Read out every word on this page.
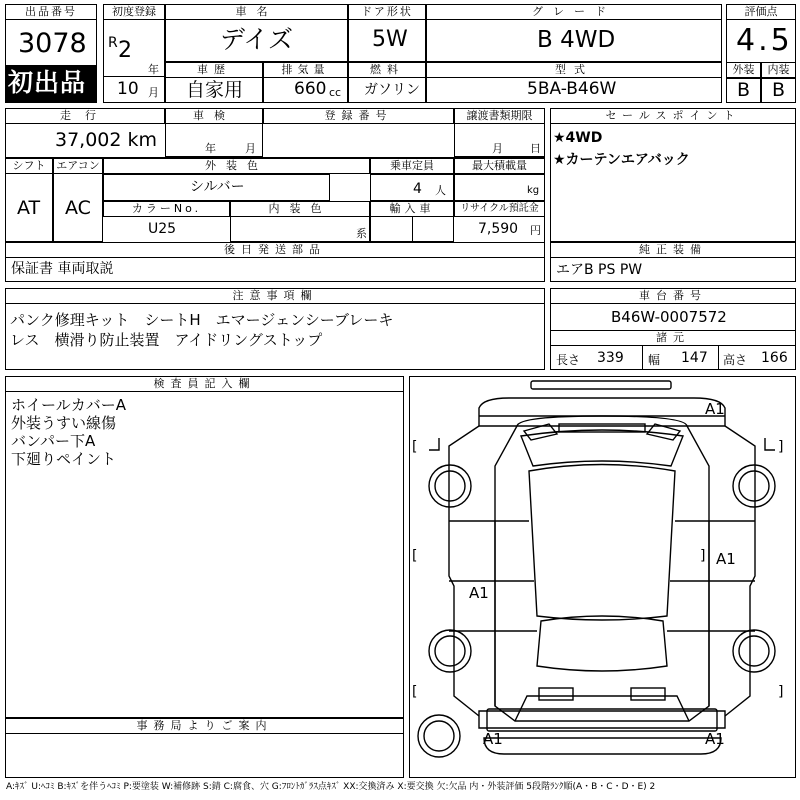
出品番号
3078
初出品
初度登録
R 2
年
10 月
車名
デイズ
ドア形状
5W
グレード
B 4WD
車歴
自家用
排気量
660 cc
燃料
ガソリン
型式
5BA-B46W
評価点
4.5
外装	内装
B B
走行
37,002 km
車検
年	月
登録番号	譲渡書類期限
月 日
シフト エアコン
AT AC
外装色
シルバー
乗車定員
4 人
最大積載量
kg
カラーNo.
U25
内装色
系
輸入車	リサイクル預託金
7,590 円
後日発送部品
保証書 車両取説
セールスポイント
★4WD
★カーテンエアバック
純正装備
エアB PS PW
注意事項欄
パンク修理キット　シートH　エマージェンシーブレーキ
レス　横滑り防止装置　アイドリングストップ
車台番号
B46W-0007572
諸元
長さ 339 幅 147 高さ 166
検査員記入欄
ホイールカバーA
外装うすい線傷
バンパー下A
下廻りペイント
事務局よりご案内
A1
A1
A1
A1	A1
[	]
[	]
[	]
A:ｷｽﾞ U:ﾍｺﾐ B:ｷｽﾞを伴うﾍｺﾐ P:要塗装 W:補修跡 S:錆 C:腐食、穴 G:ﾌﾛﾝﾄｶﾞﾗｽ点ｷｽﾞ XX:交換済み X:要交換 欠:欠品 内・外装評価 5段階ﾗﾝｸ順(A・B・C・D・E) 2
